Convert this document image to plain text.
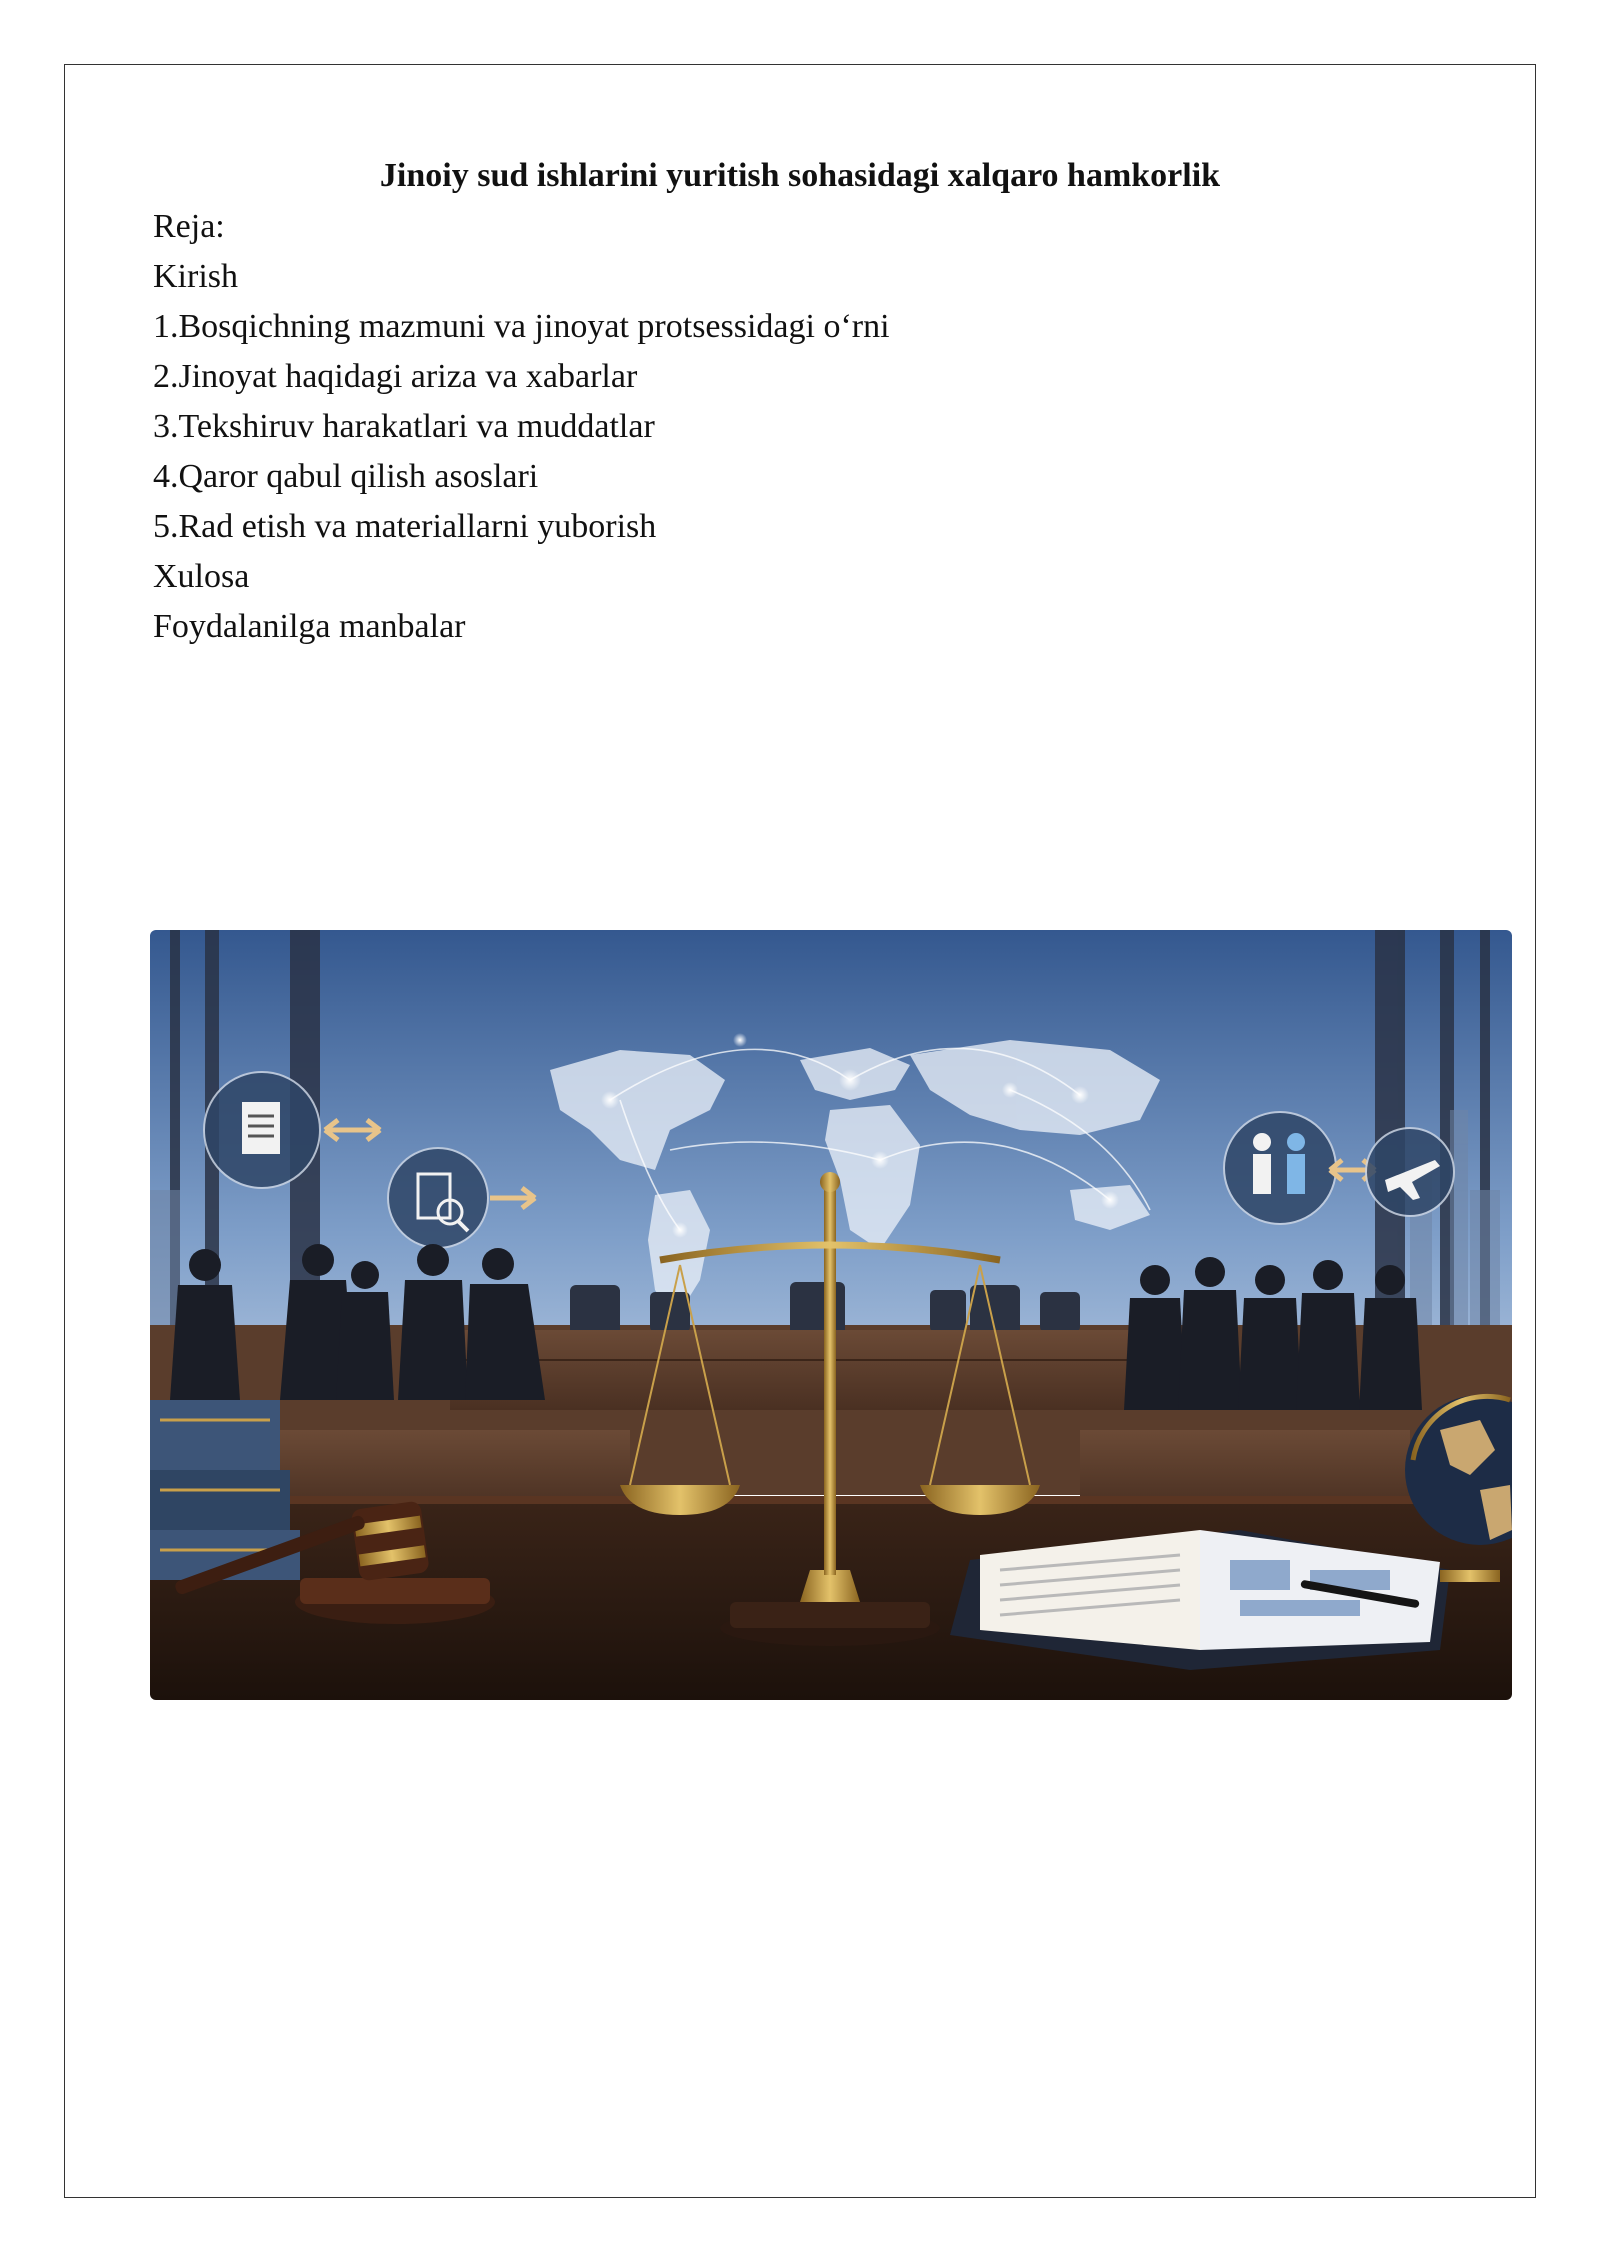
Jinoiy sud ishlarini yuritish sohasidagi xalqaro hamkorlik
Reja:
Kirish
1.Bosqichning mazmuni va jinoyat protsessidagi o‘rni
2.Jinoyat haqidagi ariza va xabarlar
3.Tekshiruv harakatlari va muddatlar
4.Qaror qabul qilish asoslari
5.Rad etish va materiallarni yuborish
Xulosa
Foydalanilga manbalar
